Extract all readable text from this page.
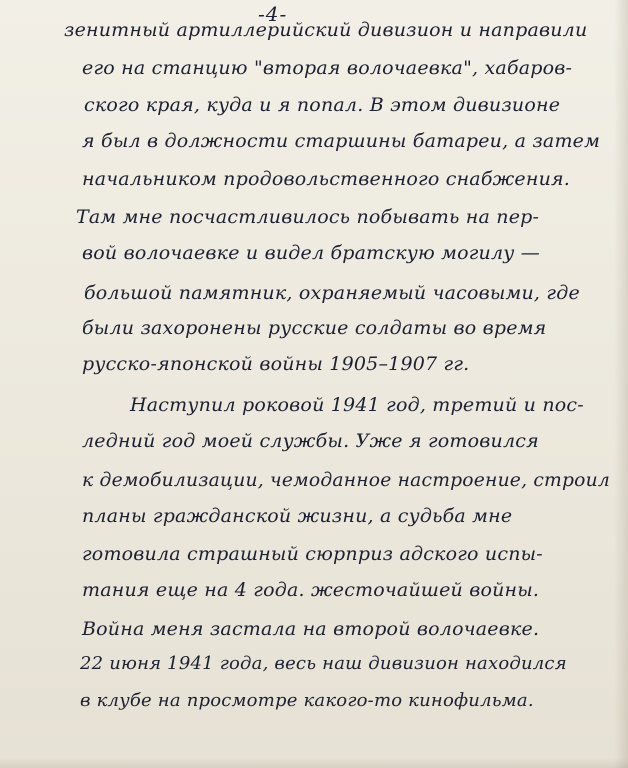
-4-
зенитный артиллерийский дивизион и направили
его на станцию "вторая волочаевка", хабаров-
ского края, куда и я попал. В этом дивизионе
я был в должности старшины батареи, а затем
начальником продовольственного снабжения.
Там мне посчастливилось побывать на пер-
вой волочаевке и видел братскую могилу —
большой памятник, охраняемый часовыми, где
были захоронены русские солдаты во время
русско-японской войны 1905–1907 гг.
Наступил роковой 1941 год, третий и пос-
ледний год моей службы. Уже я готовился
к демобилизации, чемоданное настроение, строил
планы гражданской жизни, а судьба мне
готовила страшный сюрприз адского испы-
тания еще на 4 года. жесточайшей войны.
Война меня застала на второй волочаевке.
22 июня 1941 года, весь наш дивизион находился
в клубе на просмотре какого-то кинофильма.
